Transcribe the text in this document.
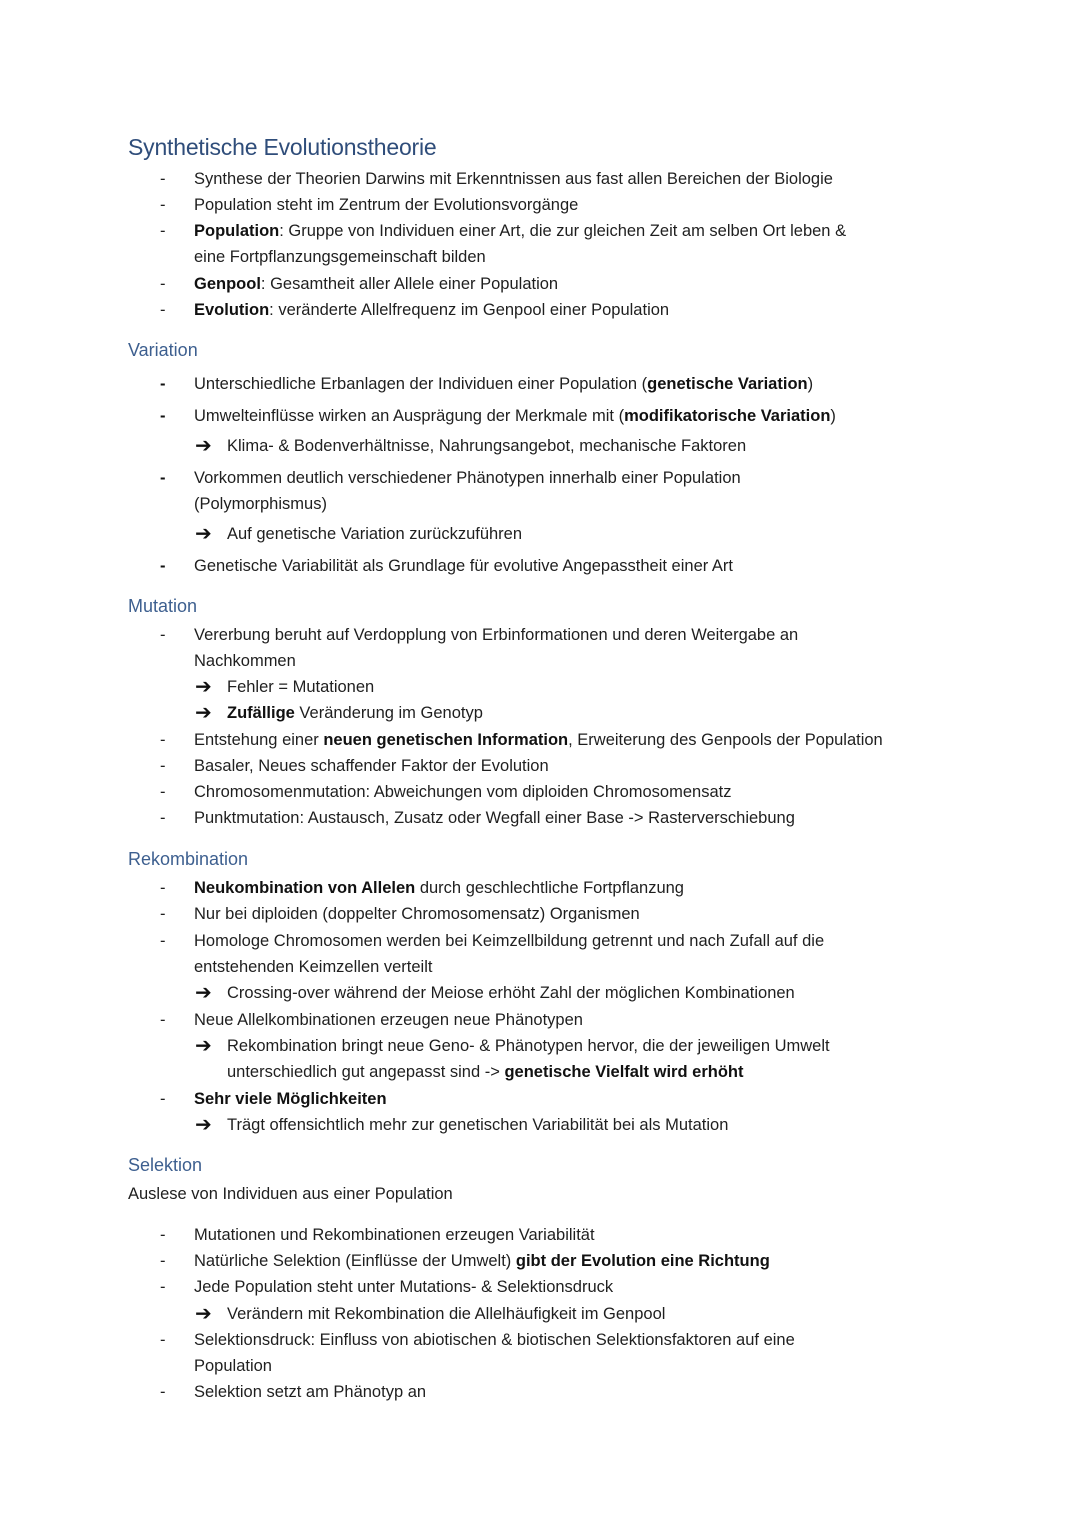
Synthetische Evolutionstheorie
- Synthese der Theorien Darwins mit Erkenntnissen aus fast allen Bereichen der Biologie
- Population steht im Zentrum der Evolutionsvorgänge
- Population: Gruppe von Individuen einer Art, die zur gleichen Zeit am selben Ort leben &
eine Fortpflanzungsgemeinschaft bilden
- Genpool: Gesamtheit aller Allele einer Population
- Evolution: veränderte Allelfrequenz im Genpool einer Population
Variation
- Unterschiedliche Erbanlagen der Individuen einer Population (genetische Variation)
- Umwelteinflüsse wirken an Ausprägung der Merkmale mit (modifikatorische Variation)
➔ Klima- & Bodenverhältnisse, Nahrungsangebot, mechanische Faktoren
- Vorkommen deutlich verschiedener Phänotypen innerhalb einer Population
(Polymorphismus)
➔ Auf genetische Variation zurückzuführen
- Genetische Variabilität als Grundlage für evolutive Angepasstheit einer Art
Mutation
- Vererbung beruht auf Verdopplung von Erbinformationen und deren Weitergabe an
Nachkommen
➔ Fehler = Mutationen
➔ Zufällige Veränderung im Genotyp
- Entstehung einer neuen genetischen Information, Erweiterung des Genpools der Population
- Basaler, Neues schaffender Faktor der Evolution
- Chromosomenmutation: Abweichungen vom diploiden Chromosomensatz
- Punktmutation: Austausch, Zusatz oder Wegfall einer Base -> Rasterverschiebung
Rekombination
- Neukombination von Allelen durch geschlechtliche Fortpflanzung
- Nur bei diploiden (doppelter Chromosomensatz) Organismen
- Homologe Chromosomen werden bei Keimzellbildung getrennt und nach Zufall auf die
entstehenden Keimzellen verteilt
➔ Crossing-over während der Meiose erhöht Zahl der möglichen Kombinationen
- Neue Allelkombinationen erzeugen neue Phänotypen
➔ Rekombination bringt neue Geno- & Phänotypen hervor, die der jeweiligen Umwelt
unterschiedlich gut angepasst sind -> genetische Vielfalt wird erhöht
- Sehr viele Möglichkeiten
➔ Trägt offensichtlich mehr zur genetischen Variabilität bei als Mutation
Selektion
Auslese von Individuen aus einer Population
- Mutationen und Rekombinationen erzeugen Variabilität
- Natürliche Selektion (Einflüsse der Umwelt) gibt der Evolution eine Richtung
- Jede Population steht unter Mutations- & Selektionsdruck
➔ Verändern mit Rekombination die Allelhäufigkeit im Genpool
- Selektionsdruck: Einfluss von abiotischen & biotischen Selektionsfaktoren auf eine
Population
- Selektion setzt am Phänotyp an
